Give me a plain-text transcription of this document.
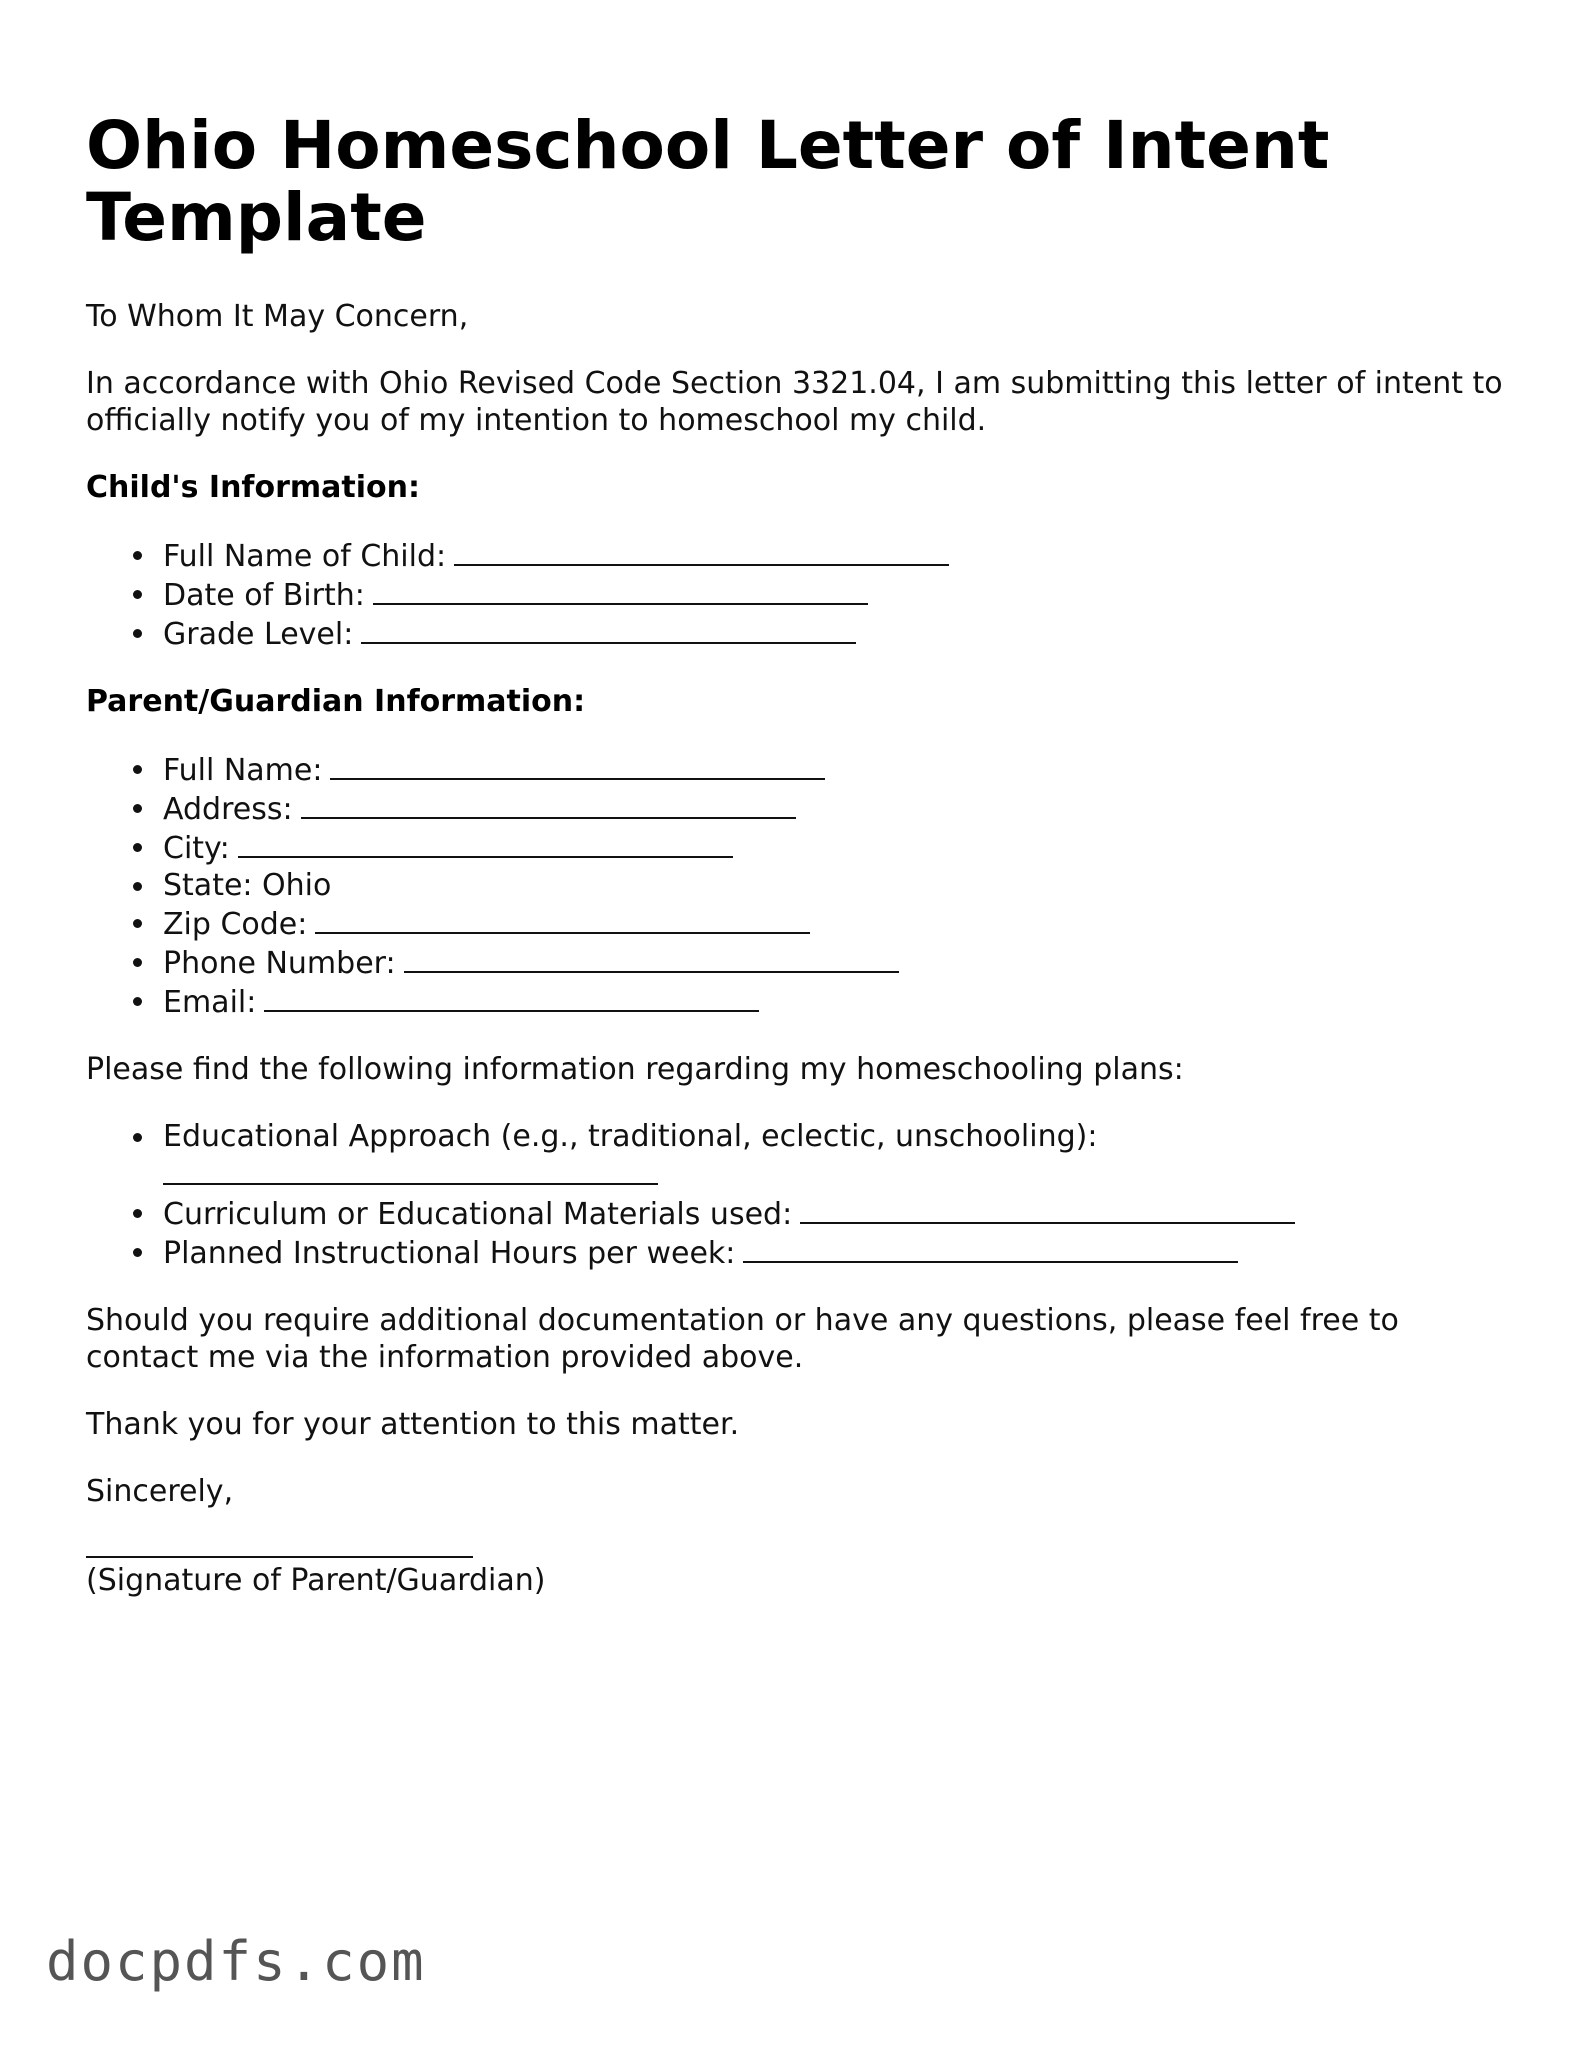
Ohio Homeschool Letter of Intent Template

To Whom It May Concern,

In accordance with Ohio Revised Code Section 3321.04, I am submitting this letter of intent to officially notify you of my intention to homeschool my child.

Child's Information:
Full Name of Child:
Date of Birth:
Grade Level:
Parent/Guardian Information:
Full Name:
Address:
City:
State: Ohio
Zip Code:
Phone Number:
Email:

Please find the following information regarding my homeschooling plans:

Educational Approach (e.g., traditional, eclectic, unschooling):

Curriculum or Educational Materials used:
Planned Instructional Hours per week:

Should you require additional documentation or have any questions, please feel free to contact me via the information provided above.

Thank you for your attention to this matter.

Sincerely,

(Signature of Parent/Guardian)

docpdfs.com
